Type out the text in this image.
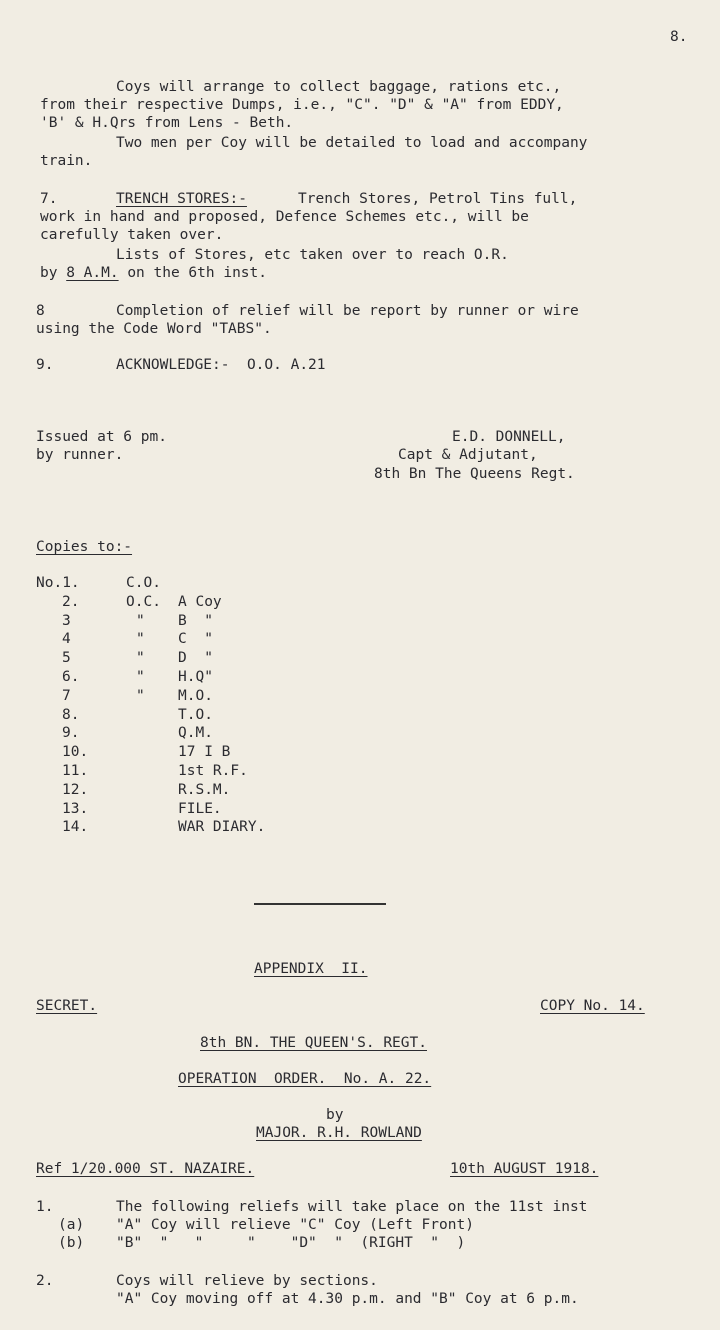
8.
Coys will arrange to collect baggage, rations etc.,
from their respective Dumps, i.e., "C". "D" & "A" from EDDY,
'B' & H.Qrs from Lens - Beth.
Two men per Coy will be detailed to load and accompany
train.
7.	TRENCH STORES:-	Trench Stores, Petrol Tins full,
work in hand and proposed, Defence Schemes etc., will be
carefully taken over.
Lists of Stores, etc taken over to reach O.R.
by 8 A.M. on the 6th inst.
8	Completion of relief will be report by runner or wire
using the Code Word "TABS".
9.	ACKNOWLEDGE:-  O.O. A.21
Issued at 6 pm.
by runner.
E.D. DONNELL,
Capt & Adjutant,
8th Bn The Queens Regt.
Copies to:-
No.1.	C.O.
2.	O.C. A Coy
3	" B  "
4	" C  "
5	" D  "
6.	" H.Q"
7	" M.O.
8.	T.O.
9.	Q.M.
10.	17 I B
11.	1st R.F.
12.	R.S.M.
13.	FILE.
14.	WAR DIARY.
APPENDIX  II.
SECRET.	COPY No. 14.
8th BN. THE QUEEN'S. REGT.
OPERATION  ORDER.  No. A. 22.
by
MAJOR. R.H. ROWLAND
Ref 1/20.000 ST. NAZAIRE.	10th AUGUST 1918.
1.	The following reliefs will take place on the 11st inst
(a) "A" Coy will relieve "C" Coy (Left Front)
(b) "B"  "   "     "    "D"  "  (RIGHT  "  )
2.	Coys will relieve by sections.
"A" Coy moving off at 4.30 p.m. and "B" Coy at 6 p.m.
